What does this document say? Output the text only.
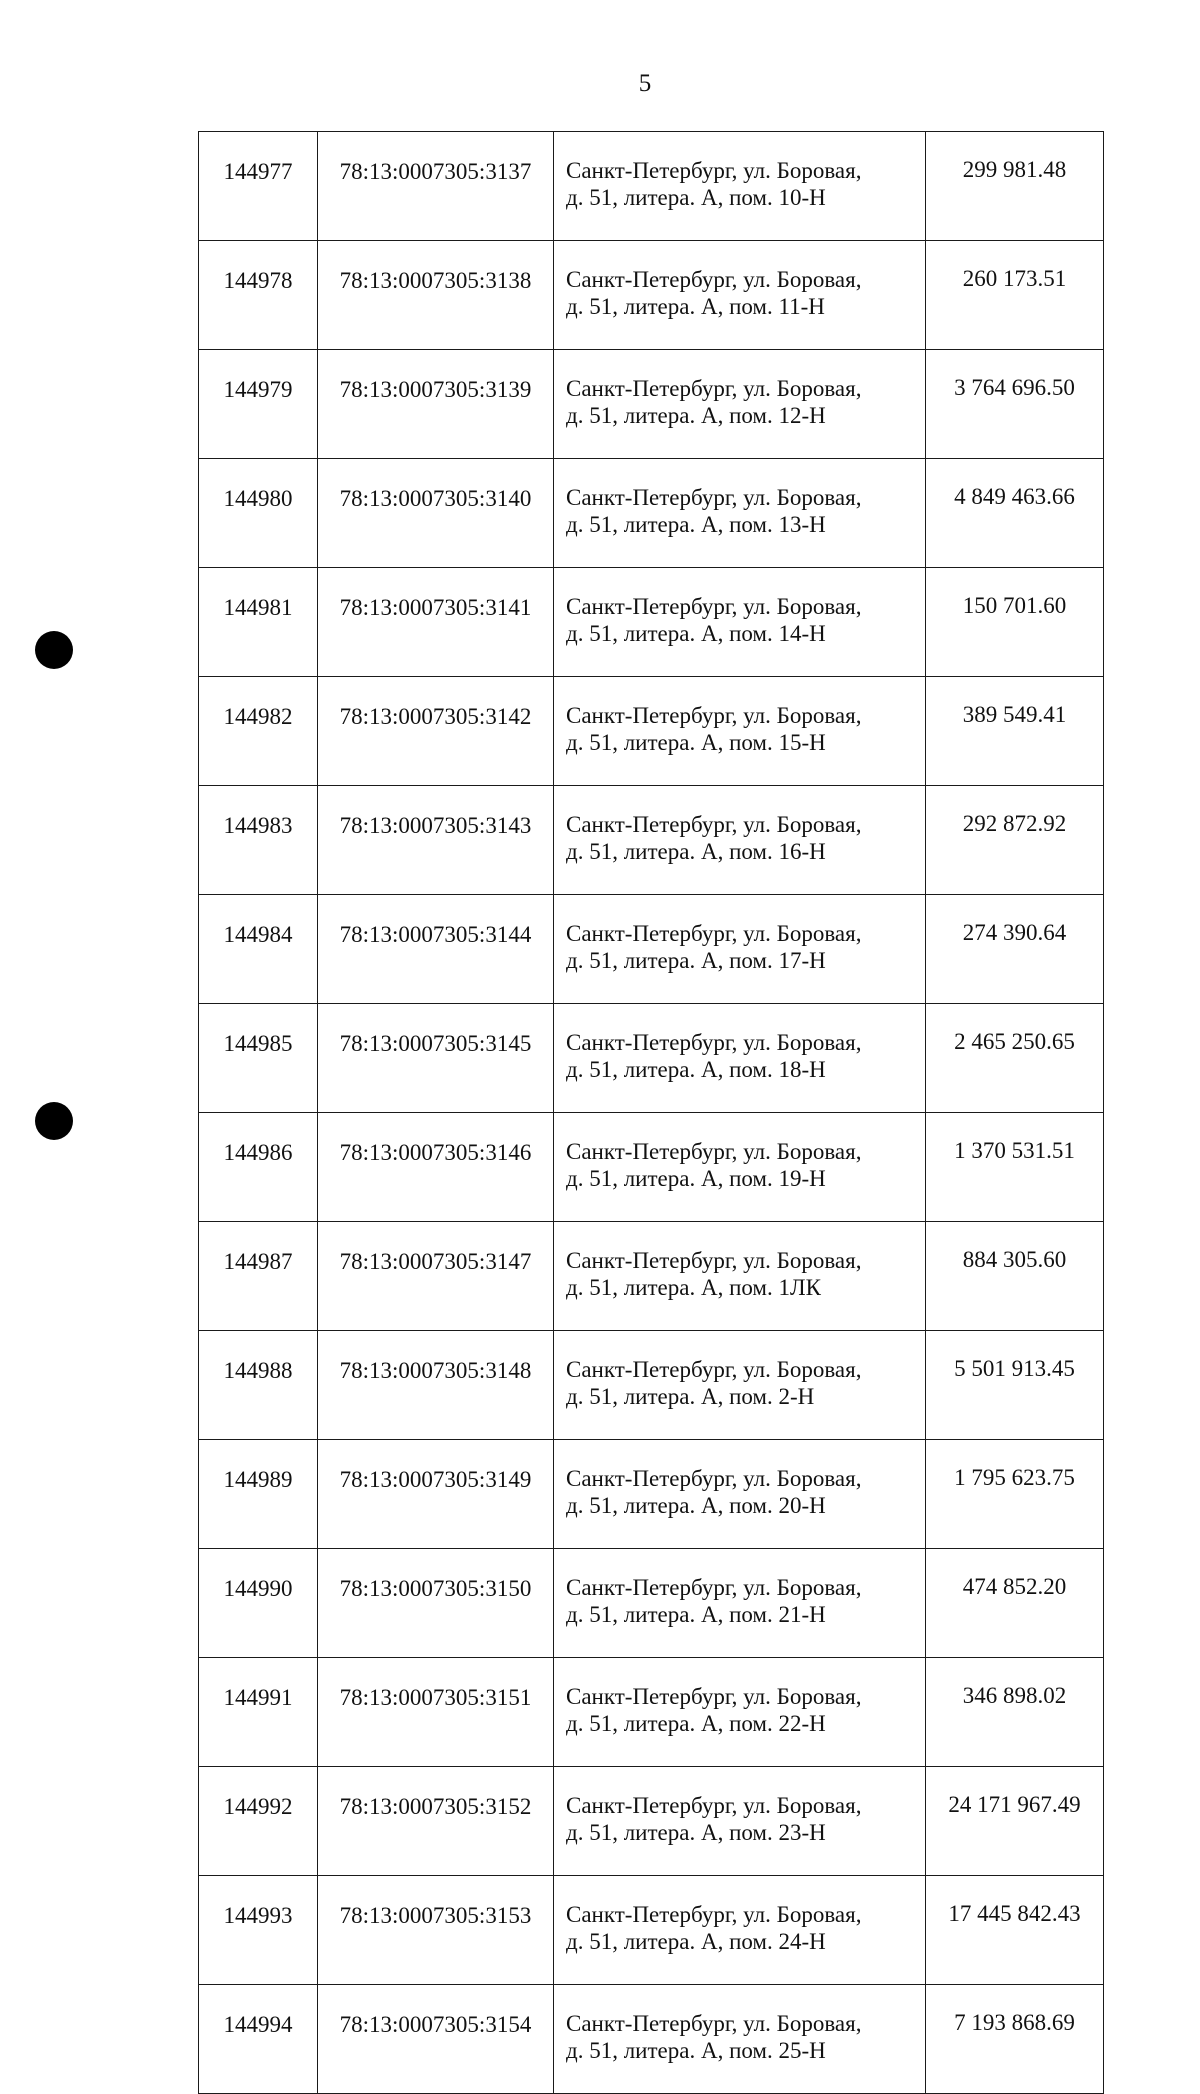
5
144977	78:13:0007305:3137	Санкт-Петербург, ул. Боровая,
д. 51, литера. А, пом. 10-Н	299 981.48
144978	78:13:0007305:3138	Санкт-Петербург, ул. Боровая,
д. 51, литера. А, пом. 11-Н	260 173.51
144979	78:13:0007305:3139	Санкт-Петербург, ул. Боровая,
д. 51, литера. А, пом. 12-Н	3 764 696.50
144980	78:13:0007305:3140	Санкт-Петербург, ул. Боровая,
д. 51, литера. А, пом. 13-Н	4 849 463.66
144981	78:13:0007305:3141	Санкт-Петербург, ул. Боровая,
д. 51, литера. А, пом. 14-Н	150 701.60
144982	78:13:0007305:3142	Санкт-Петербург, ул. Боровая,
д. 51, литера. А, пом. 15-Н	389 549.41
144983	78:13:0007305:3143	Санкт-Петербург, ул. Боровая,
д. 51, литера. А, пом. 16-Н	292 872.92
144984	78:13:0007305:3144	Санкт-Петербург, ул. Боровая,
д. 51, литера. А, пом. 17-Н	274 390.64
144985	78:13:0007305:3145	Санкт-Петербург, ул. Боровая,
д. 51, литера. А, пом. 18-Н	2 465 250.65
144986	78:13:0007305:3146	Санкт-Петербург, ул. Боровая,
д. 51, литера. А, пом. 19-Н	1 370 531.51
144987	78:13:0007305:3147	Санкт-Петербург, ул. Боровая,
д. 51, литера. А, пом. 1ЛК	884 305.60
144988	78:13:0007305:3148	Санкт-Петербург, ул. Боровая,
д. 51, литера. А, пом. 2-Н	5 501 913.45
144989	78:13:0007305:3149	Санкт-Петербург, ул. Боровая,
д. 51, литера. А, пом. 20-Н	1 795 623.75
144990	78:13:0007305:3150	Санкт-Петербург, ул. Боровая,
д. 51, литера. А, пом. 21-Н	474 852.20
144991	78:13:0007305:3151	Санкт-Петербург, ул. Боровая,
д. 51, литера. А, пом. 22-Н	346 898.02
144992	78:13:0007305:3152	Санкт-Петербург, ул. Боровая,
д. 51, литера. А, пом. 23-Н	24 171 967.49
144993	78:13:0007305:3153	Санкт-Петербург, ул. Боровая,
д. 51, литера. А, пом. 24-Н	17 445 842.43
144994	78:13:0007305:3154	Санкт-Петербург, ул. Боровая,
д. 51, литера. А, пом. 25-Н	7 193 868.69
